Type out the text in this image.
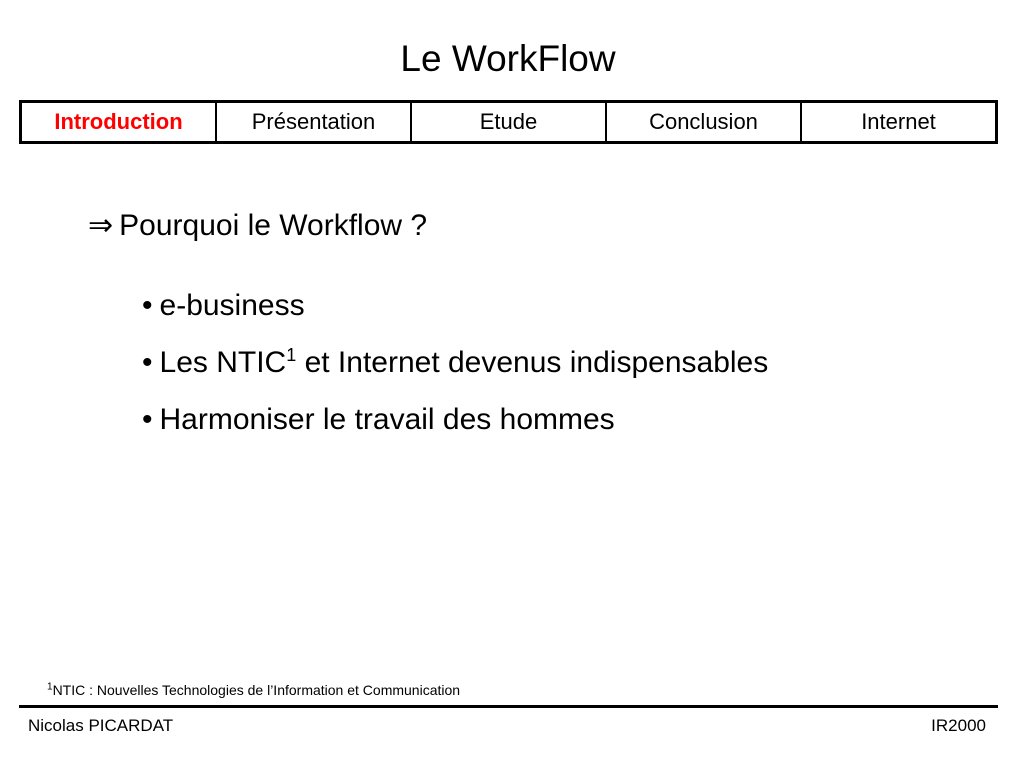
Le WorkFlow
Introduction	Présentation	Etude	Conclusion	Internet
⇒ Pourquoi le Workflow ?
• e-business
• Les NTIC$^1$ et Internet devenus indispensables
• Harmoniser le travail des hommes
$^1$NTIC : Nouvelles Technologies de l’Information et Communication
Nicolas PICARDAT	IR2000
